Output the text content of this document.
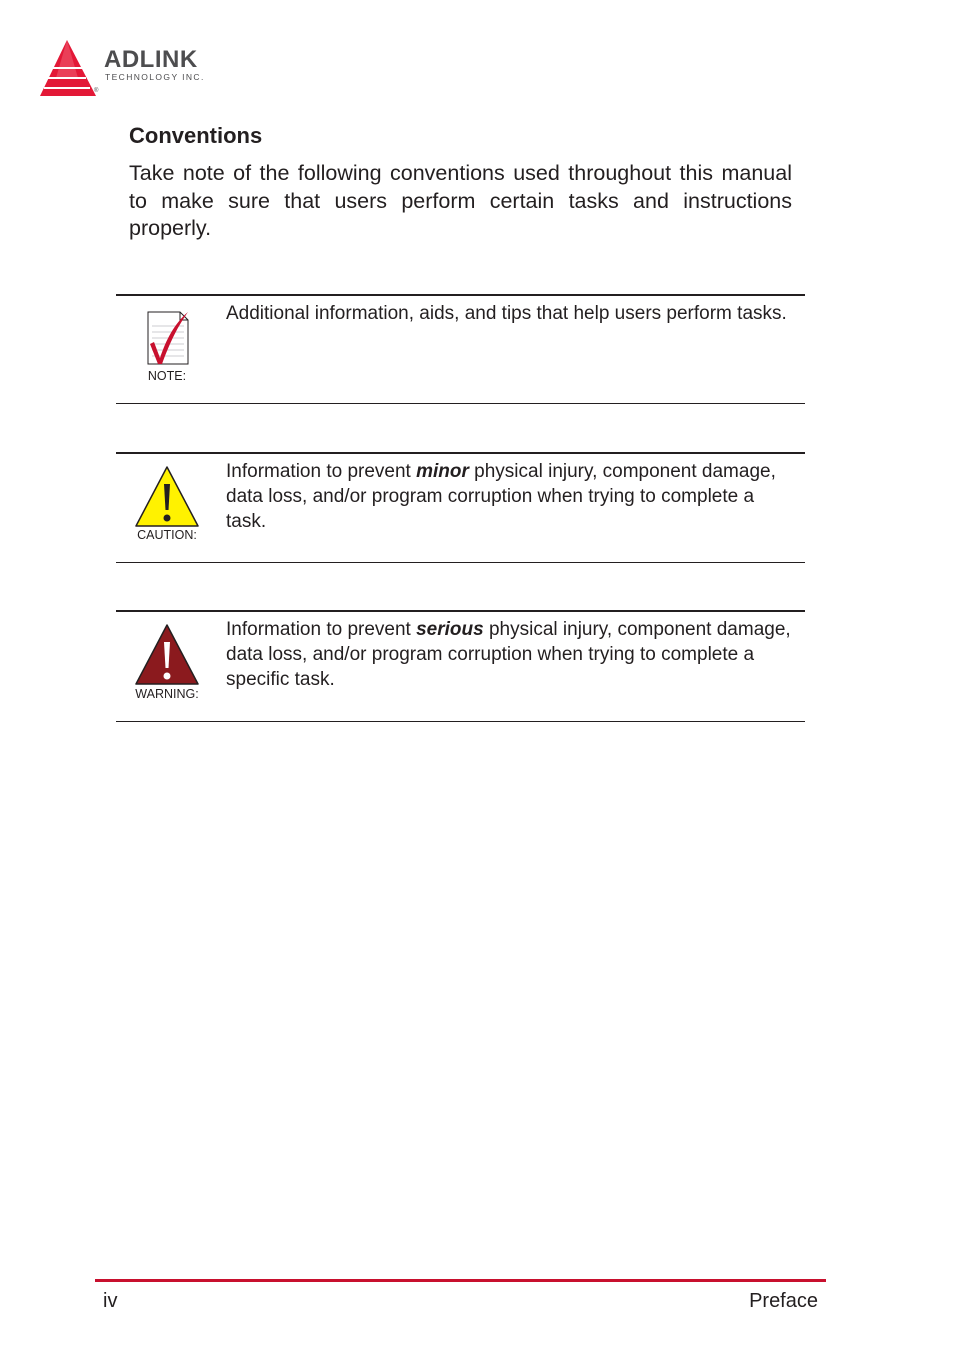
ADLINK
TECHNOLOGY INC.
®
Conventions

Take note of the following conventions used throughout this manual to make sure that users perform certain tasks and instructions properly.

NOTE:

Additional information, aids, and tips that help users perform tasks.

CAUTION:

Information to prevent minor physical injury, component damage, data loss, and/or program corruption when trying to complete a task.

WARNING:

Information to prevent serious physical injury, component damage, data loss, and/or program corruption when trying to complete a specific task.

iv	Preface
